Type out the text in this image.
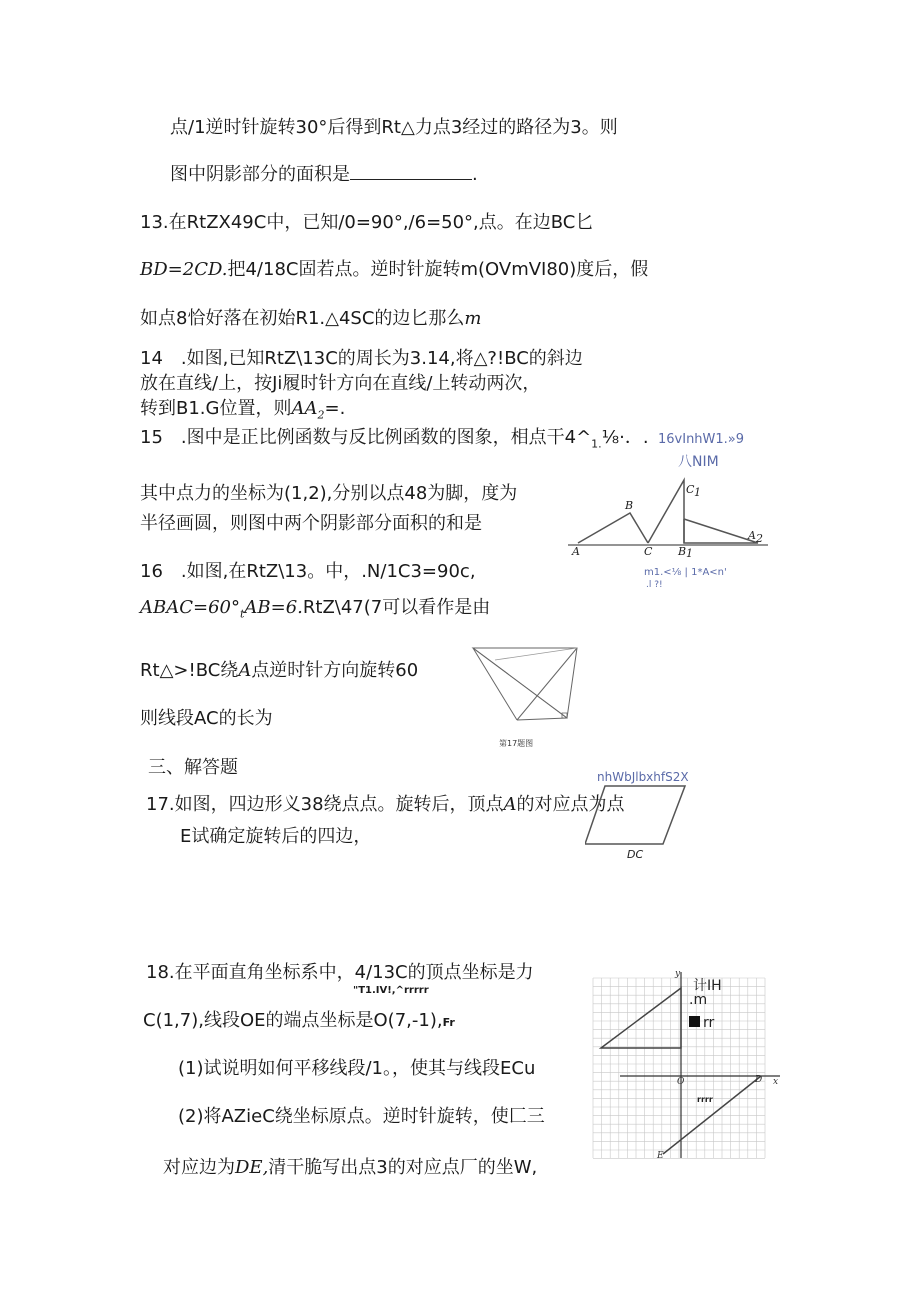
点/1逆时针旋转30°后得到Rt△力点3经过的路径为3。则
图中阴影部分的面积是	.
13.在RtZX49C中，已知/0=90°,/6=50°,点。在边BC匕
BD=2CD.把4/18C固若点。逆时针旋转m(OVmVI80)度后，假
如点8恰好落在初始R1.△4SC的边匕那么m
14　.如图,已知RtZ\13C的周长为3.14,将△?!BC的斜边
放在直线/上，按Ji履时针方向在直线/上转动两次，
转到B1.G位置，则$AA_2=$.
15　.图中是正比例函数与反比例函数的图象，相点干$4\^{}_{1.}\frac{1}{8}\cdot$．.
其中点力的坐标为(1,2),分别以点48为脚，度为
半径画圆，则图中两个阴影部分面积的和是
16　.如图,在RtZ\13。中，.N/1C3=90c,
$ABAC=60^\circ_tAB=6.RtZ\backslash 47(7$可以看作是由
Rt△>!BC绕A点逆时针方向旋转60
则线段AC的长为
三、解答题
17.如图，四边形义38绕点点。旋转后，顶点A的对应点为点
E试确定旋转后的四边，
18.在平面直角坐标系中，4/13C的顶点坐标是力
"T1.IV!,^rrrrr
C(1,7),线段OE的端点坐标是O(7,-1),Fr
(1)试说明如何平移线段/1。，使其与线段ECu
(2)将AZieC绕坐标原点。逆时针旋转，使匚三
对应边为DE,清干脆写出点3的对应点厂的坐W,
16vInhW1.»9
八NIM
A
B
C
C 1
B 1
A 2
m1.<⅛ | 1*A<n'
.l ?!
第17题图
nhWbJlbxhfS2X
DC
y
x
O	D
E
计IH
.m
rr
rrrr
